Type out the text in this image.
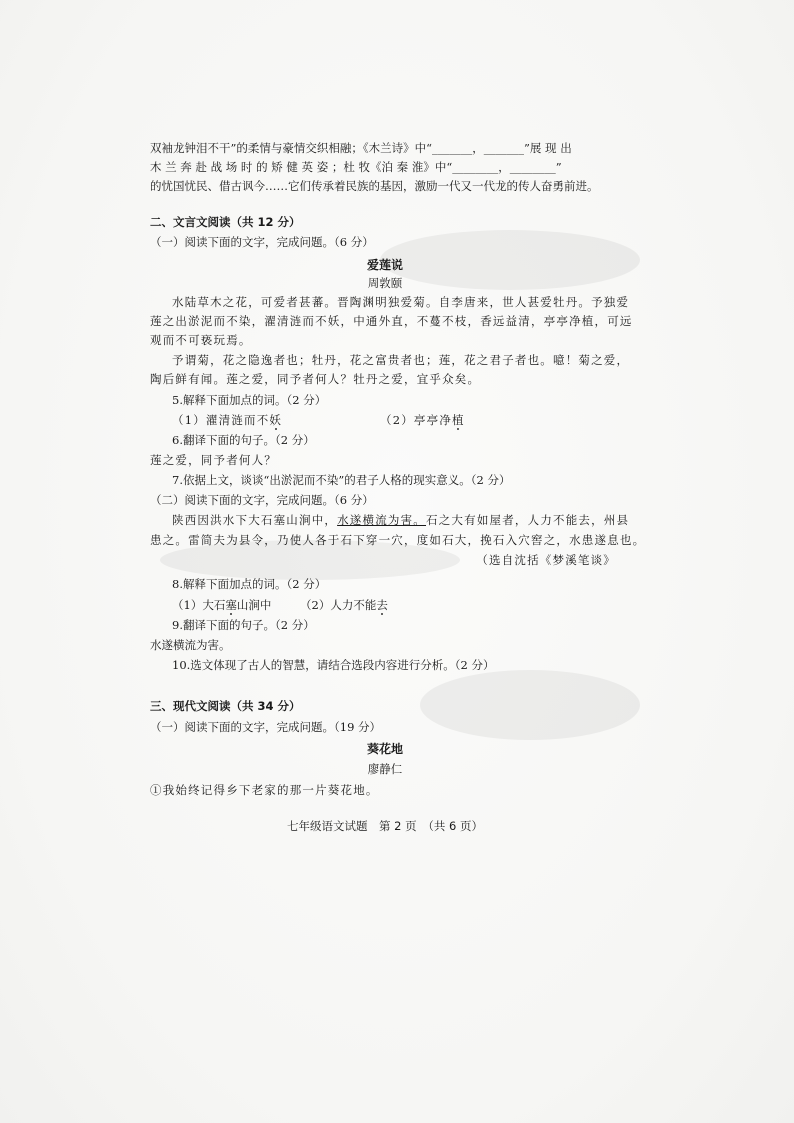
双袖龙钟泪不干”的柔情与豪情交织相融；《木兰诗》中“_______，_______”展 现 出
木 兰 奔 赴 战 场 时 的 矫 健 英 姿 ；杜 牧《泊 秦 淮》中“________，________”
的忧国忧民、借古讽今……它们传承着民族的基因，激励一代又一代龙的传人奋勇前进。
二、文言文阅读（共 12 分）
（一）阅读下面的文字，完成问题。（6 分）
爱莲说
周敦颐
水陆草木之花，可爱者甚蕃。晋陶渊明独爱菊。自李唐来，世人甚爱牡丹。予独爱
莲之出淤泥而不染，濯清涟而不妖，中通外直，不蔓不枝，香远益清，亭亭净植，可远
观而不可亵玩焉。
予谓菊，花之隐逸者也；牡丹，花之富贵者也；莲，花之君子者也。噫！菊之爱，
陶后鲜有闻。莲之爱，同予者何人？牡丹之爱，宜乎众矣。
5.解释下面加点的词。（2 分）
（1）濯清涟而不妖	（2）亭亭净植
6.翻译下面的句子。（2 分）
莲之爱，同予者何人？
7.依据上文，谈谈“出淤泥而不染”的君子人格的现实意义。（2 分）
（二）阅读下面的文字，完成问题。（6 分）
陕西因洪水下大石塞山涧中，水遂横流为害。石之大有如屋者，人力不能去，州县
患之。雷简夫为县令，乃使人各于石下穿一穴，度如石大，挽石入穴窖之，水患遂息也。
（选自沈括《梦溪笔谈》
8.解释下面加点的词。（2 分）
（1）大石塞山涧中 （2）人力不能去
9.翻译下面的句子。（2 分）
水遂横流为害。
10.选文体现了古人的智慧，请结合选段内容进行分析。（2 分）
三、现代文阅读（共 34 分）
（一）阅读下面的文字，完成问题。（19 分）
葵花地
廖静仁
①我始终记得乡下老家的那一片葵花地。
七年级语文试题　第 2 页　（共 6 页）
